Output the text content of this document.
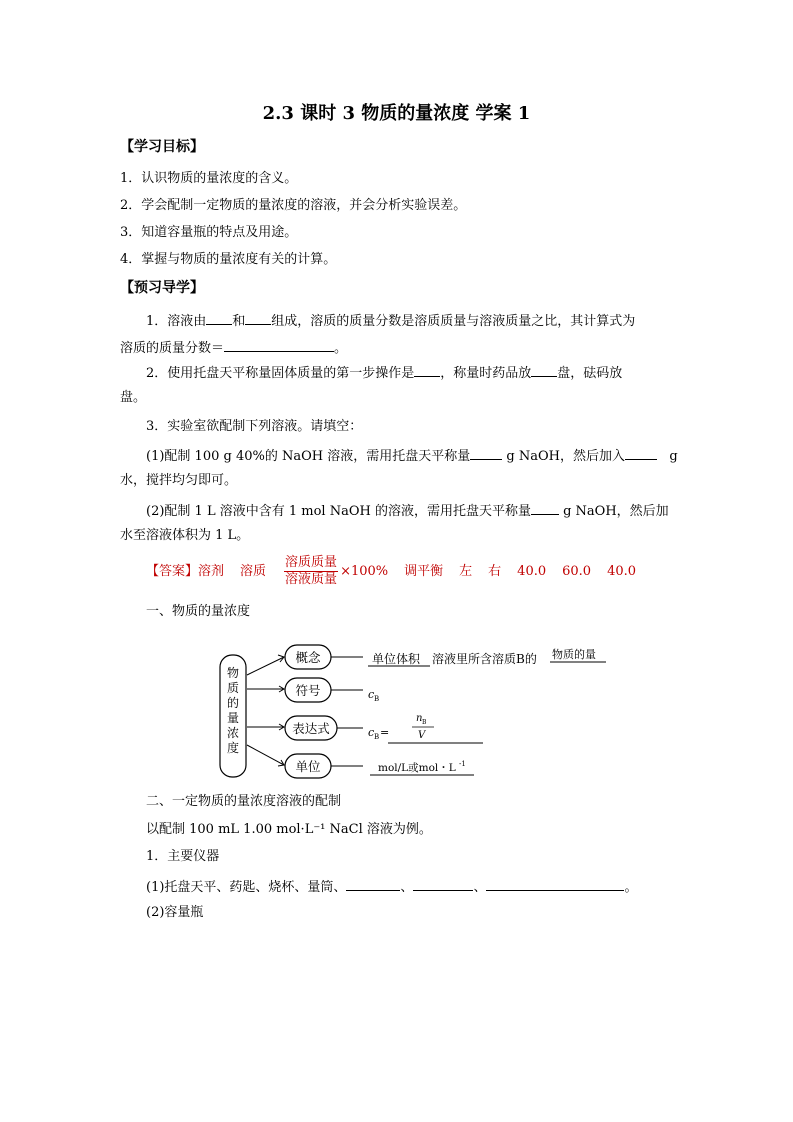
2.3 课时 3 物质的量浓度 学案 1
【学习目标】
1．认识物质的量浓度的含义。
2．学会配制一定物质的量浓度的溶液，并会分析实验误差。
3．知道容量瓶的特点及用途。
4．掌握与物质的量浓度有关的计算。
【预习导学】
1．溶液由 和 组成，溶质的质量分数是溶质质量与溶液质量之比，其计算式为
溶质的质量分数＝	。
2．使用托盘天平称量固体质量的第一步操作是 ，称量时药品放 盘，砝码放
盘。
3．实验室欲配制下列溶液。请填空：
(1)配制 100 g 40%的 NaOH 溶液，需用托盘天平称量	g NaOH，然后加入	g
水，搅拌均匀即可。
(2)配制 1 L 溶液中含有 1 mol NaOH 的溶液，需用托盘天平称量 g NaOH，然后加
水至溶液体积为 1 L。
【答案】溶剂 溶质 $\frac{\text{溶质质量}}{\text{溶液质量}} \times 100\%$ 调平衡 左 右 40.0 60.0 40.0
一、物质的量浓度
物
质
的
量
浓
度
概念
符号
表达式
单位
单位体积 溶液里所含溶质B的 物质的量
c B
c B =
n B
V
mol/L或mol・L -1
二、一定物质的量浓度溶液的配制
以配制 100 mL 1.00 mol·L⁻¹ NaCl 溶液为例。
1．主要仪器
(1)托盘天平、药匙、烧杯、量筒、	、	、	。
(2)容量瓶
